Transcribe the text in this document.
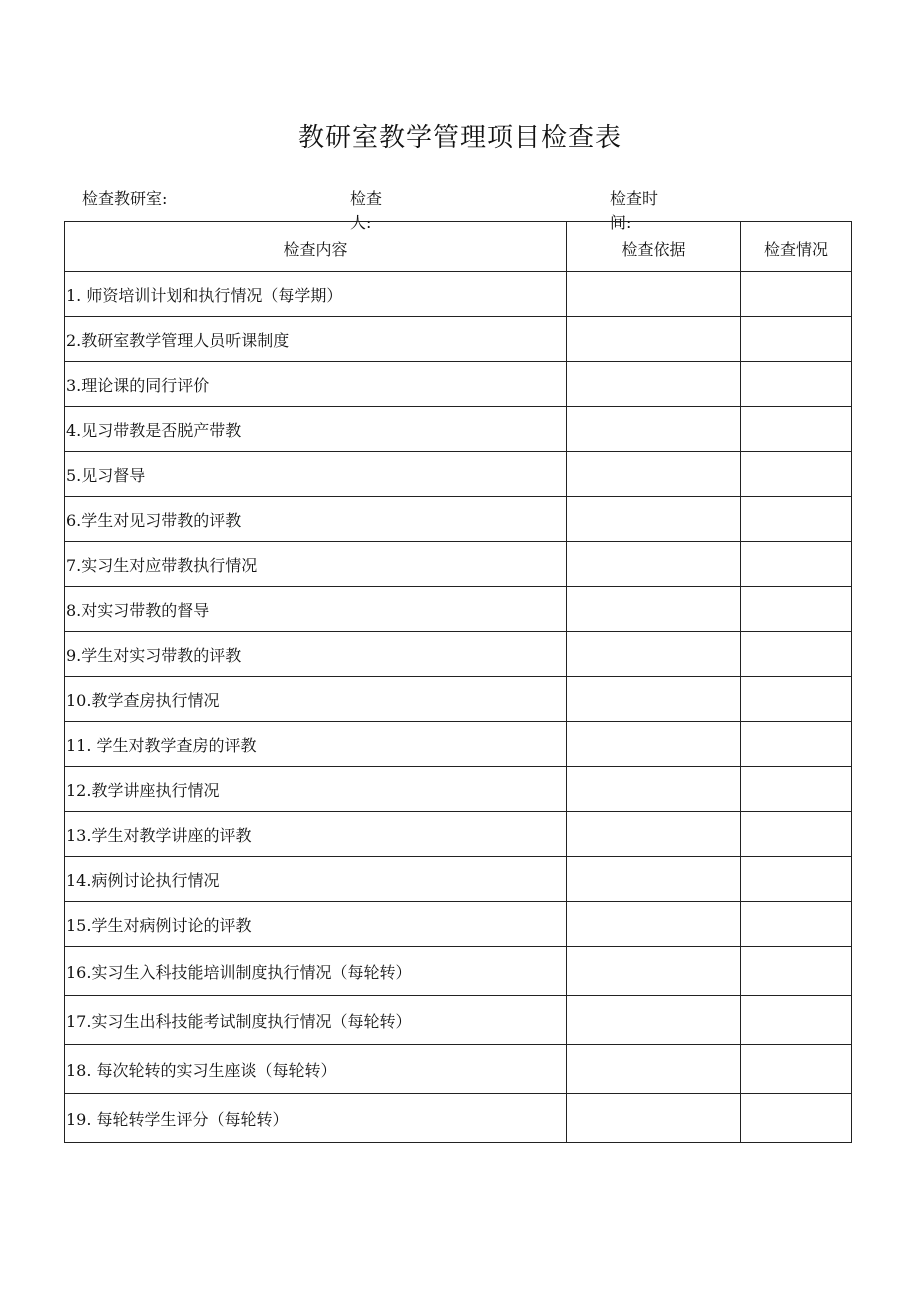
教研室教学管理项目检查表
检查教研室:	检查人:
检查时间:
检查内容	检查依据	检查情况
1. 师资培训计划和执行情况（每学期）		
2.教研室教学管理人员听课制度		
3.理论课的同行评价		
4.见习带教是否脱产带教		
5.见习督导		
6.学生对见习带教的评教		
7.实习生对应带教执行情况		
8.对实习带教的督导		
9.学生对实习带教的评教		
10.教学查房执行情况		
11. 学生对教学查房的评教		
12.教学讲座执行情况		
13.学生对教学讲座的评教		
14.病例讨论执行情况		
15.学生对病例讨论的评教		
16.实习生入科技能培训制度执行情况（每轮转）		
17.实习生出科技能考试制度执行情况（每轮转）		
18. 每次轮转的实习生座谈（每轮转）		
19. 每轮转学生评分（每轮转）		
